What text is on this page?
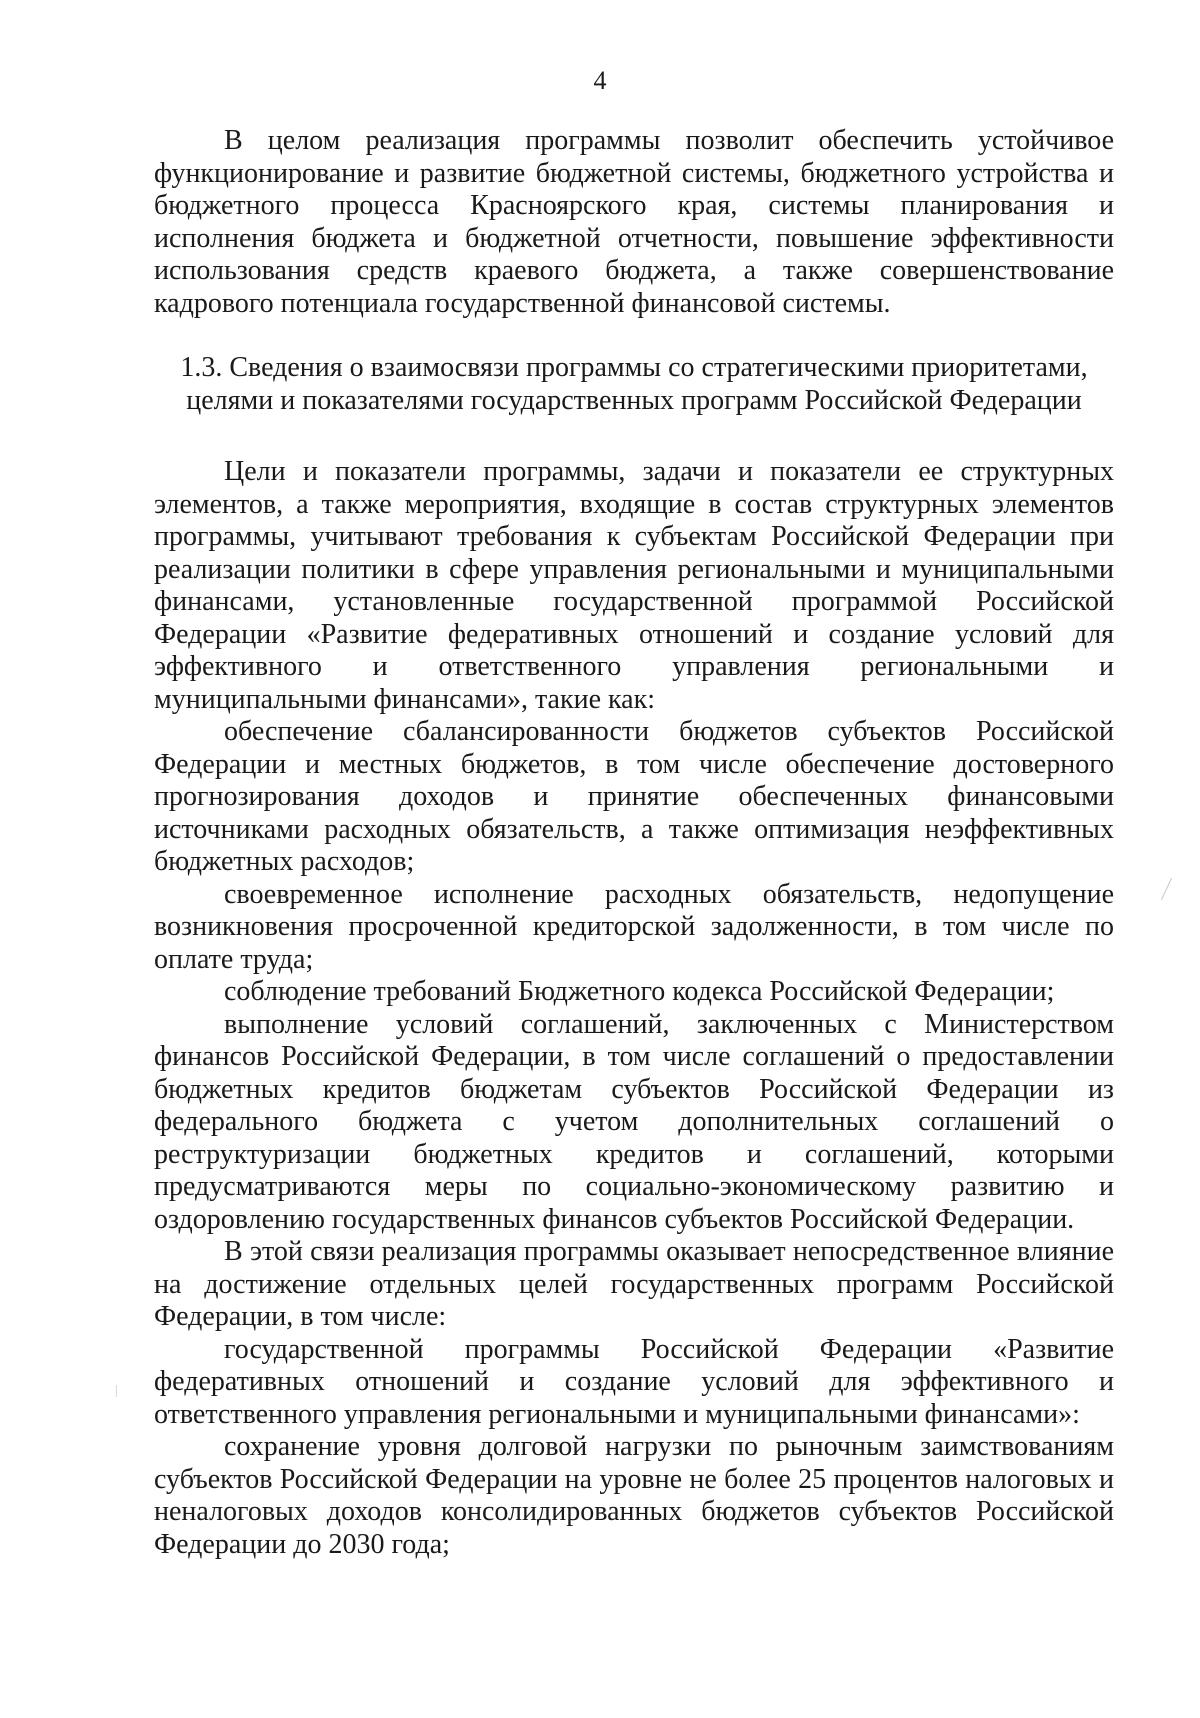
4

В целом реализация программы позволит обеспечить устойчивое функционирование и развитие бюджетной системы, бюджетного устройства и бюджетного процесса Красноярского края, системы планирования и исполнения бюджета и бюджетной отчетности, повышение эффективности использования средств краевого бюджета, а также совершенствование кадрового потенциала государственной финансовой системы.

1.3. Сведения о взаимосвязи программы со стратегическими приоритетами,

целями и показателями государственных программ Российской Федерации

Цели и показатели программы, задачи и показатели ее структурных элементов, а также мероприятия, входящие в состав структурных элементов программы, учитывают требования к субъектам Российской Федерации при реализации политики в сфере управления региональными и муниципальными финансами, установленные государственной программой Российской Федерации «Развитие федеративных отношений и создание условий для эффективного и ответственного управления региональными и муниципальными финансами», такие как:

обеспечение сбалансированности бюджетов субъектов Российской Федерации и местных бюджетов, в том числе обеспечение достоверного прогнозирования доходов и принятие обеспеченных финансовыми источниками расходных обязательств, а также оптимизация неэффективных бюджетных расходов;

своевременное исполнение расходных обязательств, недопущение возникновения просроченной кредиторской задолженности, в том числе по оплате труда;

соблюдение требований Бюджетного кодекса Российской Федерации;

выполнение условий соглашений, заключенных с Министерством финансов Российской Федерации, в том числе соглашений о предоставлении бюджетных кредитов бюджетам субъектов Российской Федерации из федерального бюджета с учетом дополнительных соглашений о реструктуризации бюджетных кредитов и соглашений, которыми предусматриваются меры по социально-экономическому развитию и оздоровлению государственных финансов субъектов Российской Федерации.

В этой связи реализация программы оказывает непосредственное влияние на достижение отдельных целей государственных программ Российской Федерации, в том числе:

государственной программы Российской Федерации «Развитие федеративных отношений и создание условий для эффективного и ответственного управления региональными и муниципальными финансами»:

сохранение уровня долговой нагрузки по рыночным заимствованиям субъектов Российской Федерации на уровне не более 25 процентов налоговых и неналоговых доходов консолидированных бюджетов субъектов Российской Федерации до 2030 года;
